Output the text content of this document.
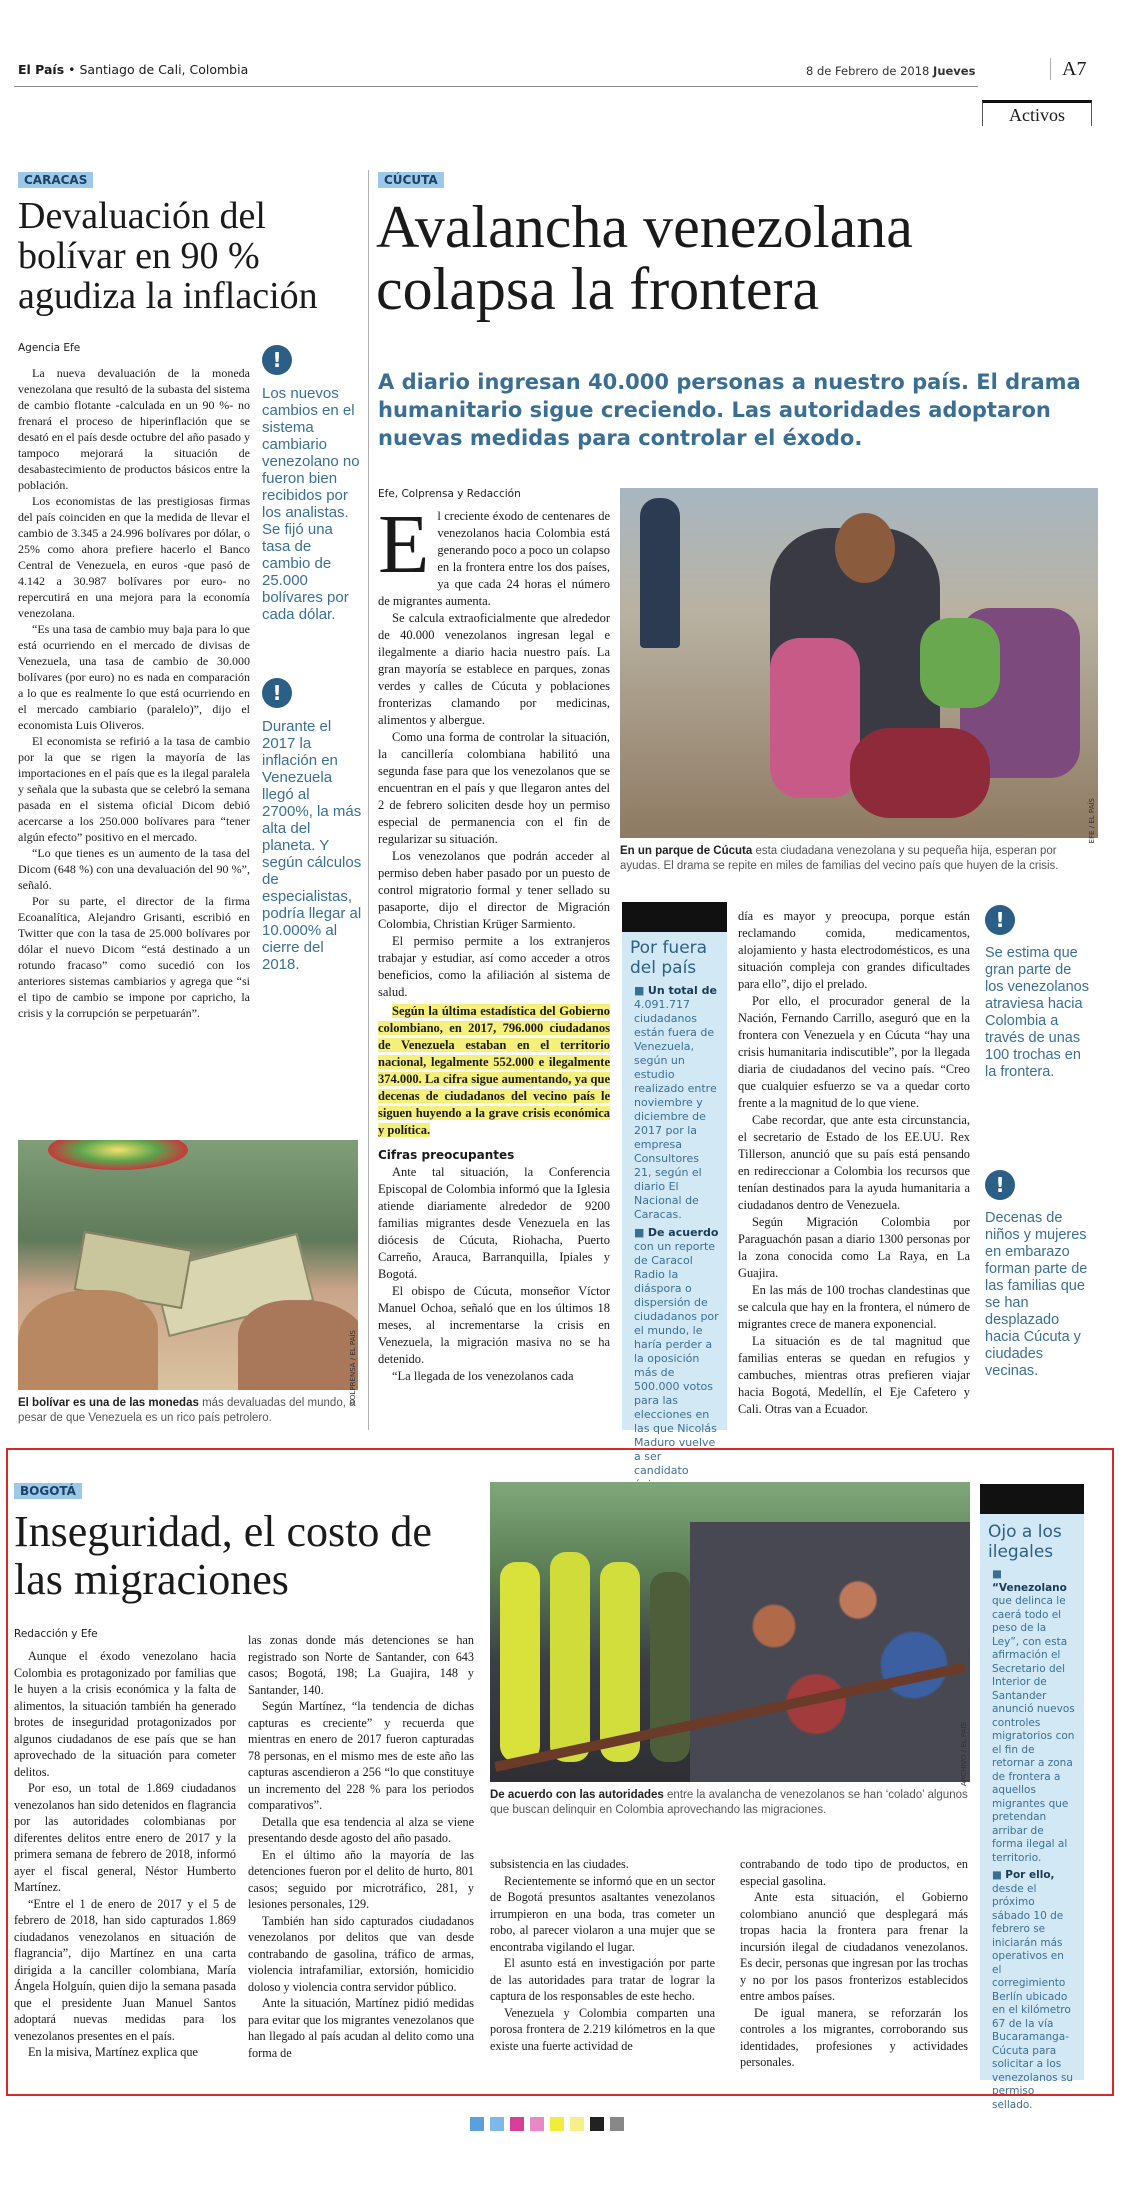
El País • Santiago de Cali, Colombia	8 de Febrero de 2018 Jueves	A7
Activos
CARACAS
Devaluación del bolívar en 90 % agudiza la inflación
Agencia Efe

La nueva devaluación de la moneda venezolana que resultó de la subasta del sistema de cambio flotante -calculada en un 90 %- no frenará el proceso de hiperinflación que se desató en el país desde octubre del año pasado y tampoco mejorará la situación de desabastecimiento de productos básicos entre la población.

Los economistas de las prestigiosas firmas del país coinciden en que la medida de llevar el cambio de 3.345 a 24.996 bolívares por dólar, o 25% como ahora prefiere hacerlo el Banco Central de Venezuela, en euros -que pasó de 4.142 a 30.987 bolívares por euro- no repercutirá en una mejora para la economía venezolana.

“Es una tasa de cambio muy baja para lo que está ocurriendo en el mercado de divisas de Venezuela, una tasa de cambio de 30.000 bolívares (por euro) no es nada en comparación a lo que es realmente lo que está ocurriendo en el mercado cambiario (paralelo)”, dijo el economista Luis Oliveros.

El economista se refirió a la tasa de cambio por la que se rigen la mayoría de las importaciones en el país que es la ilegal paralela y señala que la subasta que se celebró la semana pasada en el sistema oficial Dicom debió acercarse a los 250.000 bolívares para “tener algún efecto” positivo en el mercado.

“Lo que tienes es un aumento de la tasa del Dicom (648 %) con una devaluación del 90 %”, señaló.

Por su parte, el director de la firma Ecoanalítica, Alejandro Grisanti, escribió en Twitter que con la tasa de 25.000 bolívares por dólar el nuevo Dicom “está destinado a un rotundo fracaso” como sucedió con los anteriores sistemas cambiarios y agrega que “si el tipo de cambio se impone por capricho, la crisis y la corrupción se perpetuarán”.

!
Los nuevos cambios en el sistema cambiario venezolano no fueron bien recibidos por los analistas. Se fijó una tasa de cambio de 25.000 bolívares por cada dólar.
!
Durante el 2017 la inflación en Venezuela llegó al 2700%, la más alta del planeta. Y según cálculos de especialistas, podría llegar al 10.000% al cierre del 2018.
COLPRENSA / EL PAÍS
El bolívar es una de las monedas más devaluadas del mundo, a pesar de que Venezuela es un rico país petrolero.
CÚCUTA
Avalancha venezolana colapsa la frontera
A diario ingresan 40.000 personas a nuestro país. El drama humanitario sigue creciendo. Las autoridades adoptaron nuevas medidas para controlar el éxodo.
Efe, Colprensa y Redacción
El creciente éxodo de centenares de venezolanos hacia Colombia está generando poco a poco un colapso en la frontera entre los dos países, ya que cada 24 horas el número de migrantes aumenta.

Se calcula extraoficialmente que alrededor de 40.000 venezolanos ingresan legal e ilegalmente a diario hacia nuestro país. La gran mayoría se establece en parques, zonas verdes y calles de Cúcuta y poblaciones fronterizas clamando por medicinas, alimentos y albergue.

Como una forma de controlar la situación, la cancillería colombiana habilitó una segunda fase para que los venezolanos que se encuentran en el país y que llegaron antes del 2 de febrero soliciten desde hoy un permiso especial de permanencia con el fin de regularizar su situación.

Los venezolanos que podrán acceder al permiso deben haber pasado por un puesto de control migratorio formal y tener sellado su pasaporte, dijo el director de Migración Colombia, Christian Krüger Sarmiento.

El permiso permite a los extranjeros trabajar y estudiar, así como acceder a otros beneficios, como la afiliación al sistema de salud.

Según la última estadística del Gobierno colombiano, en 2017, 796.000 ciudadanos de Venezuela estaban en el territorio nacional, legalmente 552.000 e ilegalmente 374.000. La cifra sigue aumentando, ya que decenas de ciudadanos del vecino país le siguen huyendo a la grave crisis económica y política.

Cifras preocupantes

Ante tal situación, la Conferencia Episcopal de Colombia informó que la Iglesia atiende diariamente alrededor de 9200 familias migrantes desde Venezuela en las diócesis de Cúcuta, Riohacha, Puerto Carreño, Arauca, Barranquilla, Ipiales y Bogotá.

El obispo de Cúcuta, monseñor Víctor Manuel Ochoa, señaló que en los últimos 18 meses, al incrementarse la crisis en Venezuela, la migración masiva no se ha detenido.

“La llegada de los venezolanos cada

EFE / EL PAÍS
En un parque de Cúcuta esta ciudadana venezolana y su pequeña hija, esperan por ayudas. El drama se repite en miles de familias del vecino país que huyen de la crisis.
Por fuera del país
■ Un total de 4.091.717 ciudadanos están fuera de Venezuela, según un estudio realizado entre noviembre y diciembre de 2017 por la empresa Consultores 21, según el diario El Nacional de Caracas.
■ De acuerdo con un reporte de Caracol Radio la diáspora o dispersión de ciudadanos por el mundo, le haría perder a la oposición más de 500.000 votos para las elecciones en las que Nicolás Maduro vuelve a ser candidato

día es mayor y preocupa, porque están reclamando comida, medicamentos, alojamiento y hasta electrodomésticos, es una situación compleja con grandes dificultades para ello”, dijo el prelado.

Por ello, el procurador general de la Nación, Fernando Carrillo, aseguró que en la frontera con Venezuela y en Cúcuta “hay una crisis humanitaria indiscutible”, por la llegada diaria de ciudadanos del vecino país. “Creo que cualquier esfuerzo se va a quedar corto frente a la magnitud de lo que viene.

Cabe recordar, que ante esta circunstancia, el secretario de Estado de los EE.UU. Rex Tillerson, anunció que su país está pensando en redireccionar a Colombia los recursos que tenían destinados para la ayuda humanitaria a ciudadanos dentro de Venezuela.

Según Migración Colombia por Paraguachón pasan a diario 1300 personas por la zona conocida como La Raya, en La Guajira.

En las más de 100 trochas clandestinas que se calcula que hay en la frontera, el número de migrantes crece de manera exponencial.

La situación es de tal magnitud que familias enteras se quedan en refugios y cambuches, mientras otras prefieren viajar hacia Bogotá, Medellín, el Eje Cafetero y Cali. Otras van a Ecuador.

!
Se estima que gran parte de los venezolanos atraviesa hacia Colombia a través de unas 100 trochas en la frontera.
!
Decenas de niños y mujeres en embarazo forman parte de las familias que se han desplazado hacia Cúcuta y ciudades vecinas.
BOGOTÁ
Inseguridad, el costo de las migraciones
Redacción y Efe

Aunque el éxodo venezolano hacia Colombia es protagonizado por familias que le huyen a la crisis económica y la falta de alimentos, la situación también ha generado brotes de inseguridad protagonizados por algunos ciudadanos de ese país que se han aprovechado de la situación para cometer delitos.

Por eso, un total de 1.869 ciudadanos venezolanos han sido detenidos en flagrancia por las autoridades colombianas por diferentes delitos entre enero de 2017 y la primera semana de febrero de 2018, informó ayer el fiscal general, Néstor Humberto Martínez.

“Entre el 1 de enero de 2017 y el 5 de febrero de 2018, han sido capturados 1.869 ciudadanos venezolanos en situación de flagrancia”, dijo Martínez en una carta dirigida a la canciller colombiana, María Ángela Holguín, quien dijo la semana pasada que el presidente Juan Manuel Santos adoptará nuevas medidas para los venezolanos presentes en el país.

En la misiva, Martínez explica que

las zonas donde más detenciones se han registrado son Norte de Santander, con 643 casos; Bogotá, 198; La Guajira, 148 y Santander, 140.

Según Martínez, “la tendencia de dichas capturas es creciente” y recuerda que mientras en enero de 2017 fueron capturadas 78 personas, en el mismo mes de este año las capturas ascendieron a 256 “lo que constituye un incremento del 228 % para los periodos comparativos”.

Detalla que esa tendencia al alza se viene presentando desde agosto del año pasado.

En el último año la mayoría de las detenciones fueron por el delito de hurto, 801 casos; seguido por microtráfico, 281, y lesiones personales, 129.

También han sido capturados ciudadanos venezolanos por delitos que van desde contrabando de gasolina, tráfico de armas, violencia intrafamiliar, extorsión, homicidio doloso y violencia contra servidor público.

Ante la situación, Martínez pidió medidas para evitar que los migrantes venezolanos que han llegado al país acudan al delito como una forma de

ARCHIVO / EL PAÍS
De acuerdo con las autoridades entre la avalancha de venezolanos se han ‘colado’ algunos que buscan delinquir en Colombia aprovechando las migraciones.

subsistencia en las ciudades.

Recientemente se informó que en un sector de Bogotá presuntos asaltantes venezolanos irrumpieron en una boda, tras cometer un robo, al parecer violaron a una mujer que se encontraba vigilando el lugar.

El asunto está en investigación por parte de las autoridades para tratar de lograr la captura de los responsables de este hecho.

Venezuela y Colombia comparten una porosa frontera de 2.219 kilómetros en la que existe una fuerte actividad de

contrabando de todo tipo de productos, en especial gasolina.

Ante esta situación, el Gobierno colombiano anunció que desplegará más tropas hacia la frontera para frenar la incursión ilegal de ciudadanos venezolanos. Es decir, personas que ingresan por las trochas y no por los pasos fronterizos establecidos entre ambos países.

De igual manera, se reforzarán los controles a los migrantes, corroborando sus identidades, profesiones y actividades personales.

Ojo a los ilegales
■ “Venezolano que delinca le caerá todo el peso de la Ley”, con esta afirmación el Secretario del Interior de Santander anunció nuevos controles migratorios con el fin de retornar a zona de frontera a aquellos migrantes que pretendan arribar de forma ilegal al territorio.
■ Por ello, desde el próximo sábado 10 de febrero se iniciarán más operativos en el corregimiento Berlín ubicado en el kilómetro 67 de la vía Bucaramanga-Cúcuta para solicitar a los venezolanos su permiso sellado.
